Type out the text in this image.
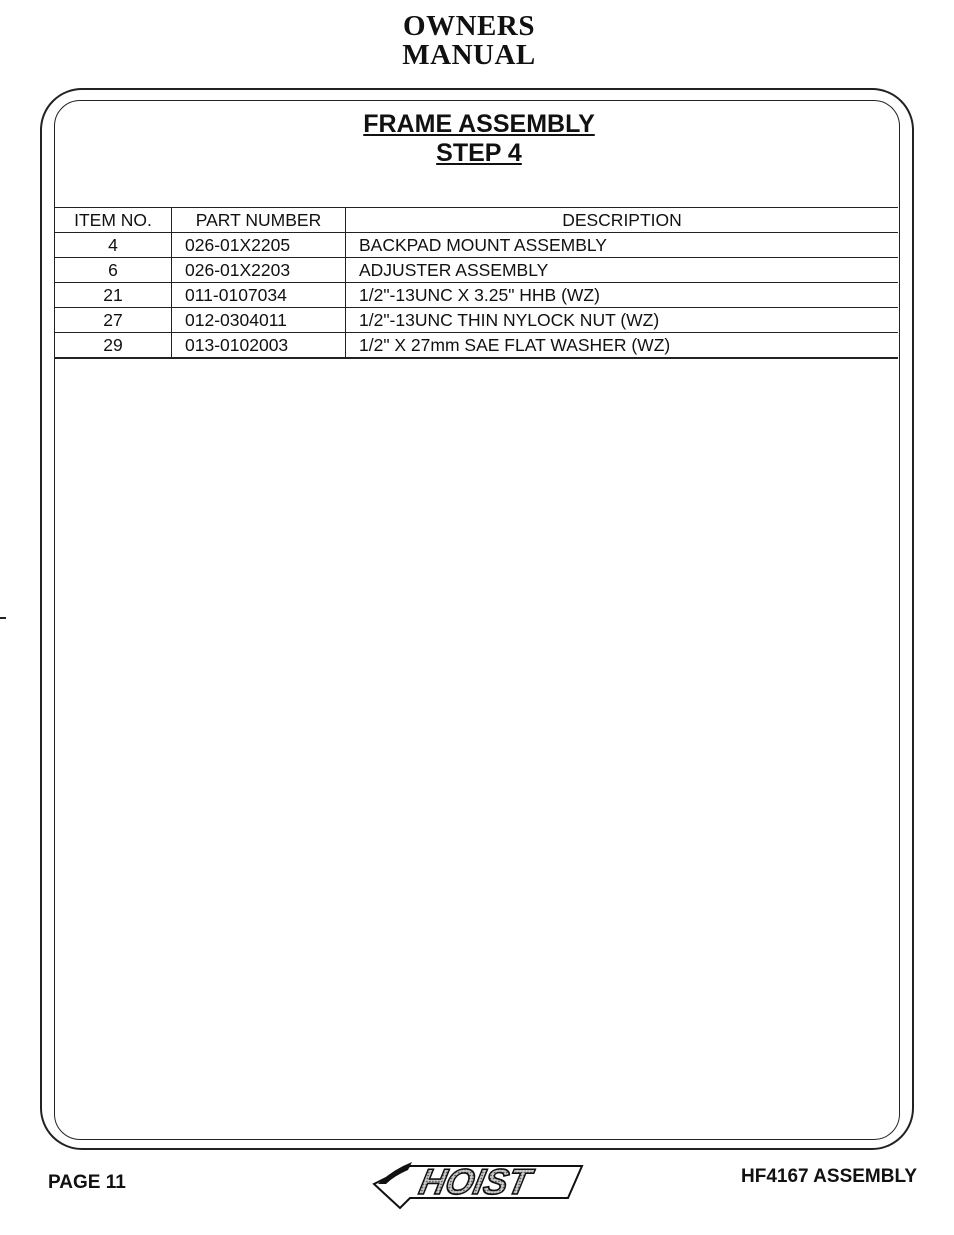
OWNERS
MANUAL
FRAME ASSEMBLY
STEP 4
ITEM NO.	PART NUMBER	DESCRIPTION
4	026-01X2205	BACKPAD MOUNT ASSEMBLY
6	026-01X2203	ADJUSTER ASSEMBLY
21	011-0107034	1/2"-13UNC X 3.25" HHB (WZ)
27	012-0304011	1/2"-13UNC THIN NYLOCK NUT (WZ)
29	013-0102003	1/2" X 27mm SAE FLAT WASHER (WZ)
PAGE 11	HOIST	HF4167 ASSEMBLY
